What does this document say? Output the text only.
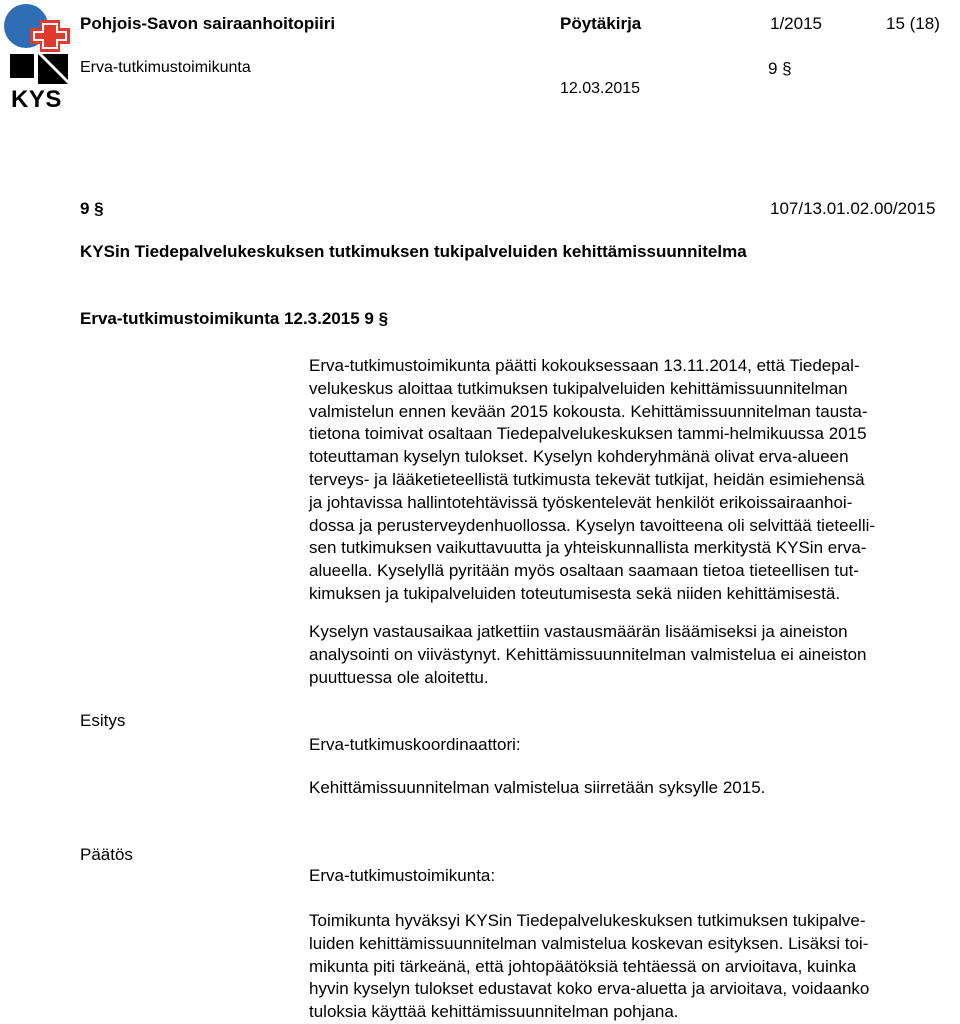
KYS
Pohjois-Savon sairaanhoitopiiri	Pöytäkirja	1/2015	15 (18)
Erva-tutkimustoimikunta	9 §
12.03.2015
9 §	107/13.01.02.00/2015
KYSin Tiedepalvelukeskuksen tutkimuksen tukipalveluiden kehittämissuunnitelma
Erva-tutkimustoimikunta 12.3.2015 9 §

Erva-tutkimustoimikunta päätti kokouksessaan 13.11.2014, että Tiedepal-

velukeskus aloittaa tutkimuksen tukipalveluiden kehittämissuunnitelman

valmistelun ennen kevään 2015 kokousta. Kehittämissuunnitelman tausta-

tietona toimivat osaltaan Tiedepalvelukeskuksen tammi-helmikuussa 2015

toteuttaman kyselyn tulokset. Kyselyn kohderyhmänä olivat erva-alueen

terveys- ja lääketieteellistä tutkimusta tekevät tutkijat, heidän esimiehensä

ja johtavissa hallintotehtävissä työskentelevät henkilöt erikoissairaanhoi-

dossa ja perusterveydenhuollossa. Kyselyn tavoitteena oli selvittää tieteelli-

sen tutkimuksen vaikuttavuutta ja yhteiskunnallista merkitystä KYSin erva-

alueella. Kyselyllä pyritään myös osaltaan saamaan tietoa tieteellisen tut-

kimuksen ja tukipalveluiden toteutumisesta sekä niiden kehittämisestä.

Kyselyn vastausaikaa jatkettiin vastausmäärän lisäämiseksi ja aineiston

analysointi on viivästynyt. Kehittämissuunnitelman valmistelua ei aineiston

puuttuessa ole aloitettu.

Esitys
Erva-tutkimuskoordinaattori:
Kehittämissuunnitelman valmistelua siirretään syksylle 2015.
Päätös
Erva-tutkimustoimikunta:

Toimikunta hyväksyi KYSin Tiedepalvelukeskuksen tutkimuksen tukipalve-

luiden kehittämissuunnitelman valmistelua koskevan esityksen. Lisäksi toi-

mikunta piti tärkeänä, että johtopäätöksiä tehtäessä on arvioitava, kuinka

hyvin kyselyn tulokset edustavat koko erva-aluetta ja arvioitava, voidaanko

tuloksia käyttää kehittämissuunnitelman pohjana.
